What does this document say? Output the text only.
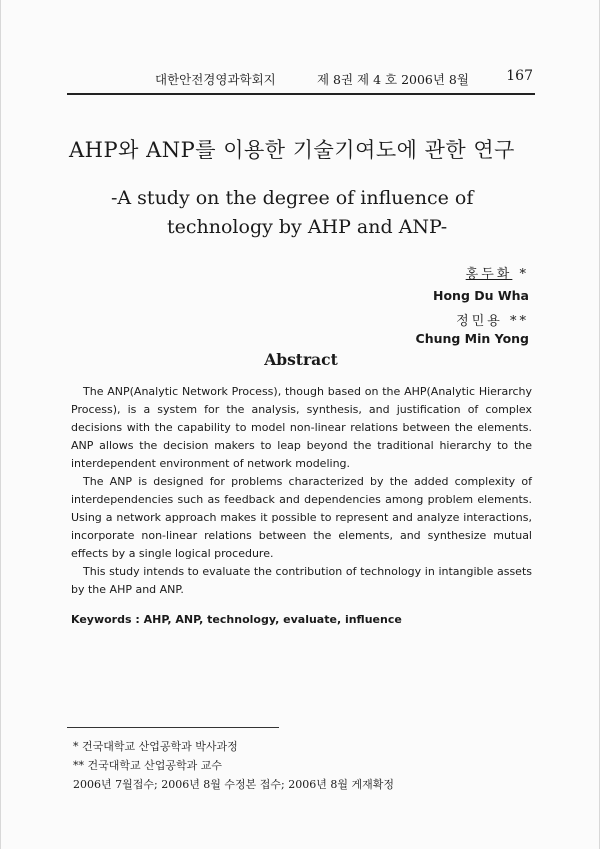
대한안전경영과학회지	제 8권 제 4 호 2006년 8월	167
AHP와 ANP를 이용한 기술기여도에 관한 연구
-A study on the degree of influence of
technology by AHP and ANP-
홍두화 *
Hong Du Wha
정민용 **
Chung Min Yong
Abstract

The ANP(Analytic Network Process), though based on the AHP(Analytic Hierarchy Process), is a system for the analysis, synthesis, and justification of complex decisions with the capability to model non-linear relations between the elements. ANP allows the decision makers to leap beyond the traditional hierarchy to the interdependent environment of network modeling.

The ANP is designed for problems characterized by the added complexity of interdependencies such as feedback and dependencies among problem elements. Using a network approach makes it possible to represent and analyze interactions, incorporate non-linear relations between the elements, and synthesize mutual effects by a single logical procedure.

This study intends to evaluate the contribution of technology in intangible assets by the AHP and ANP.

Keywords : AHP, ANP, technology, evaluate, influence
* 건국대학교 산업공학과 박사과정
** 건국대학교 산업공학과 교수
2006년 7월접수; 2006년 8월 수정본 접수; 2006년 8월 게재확정
